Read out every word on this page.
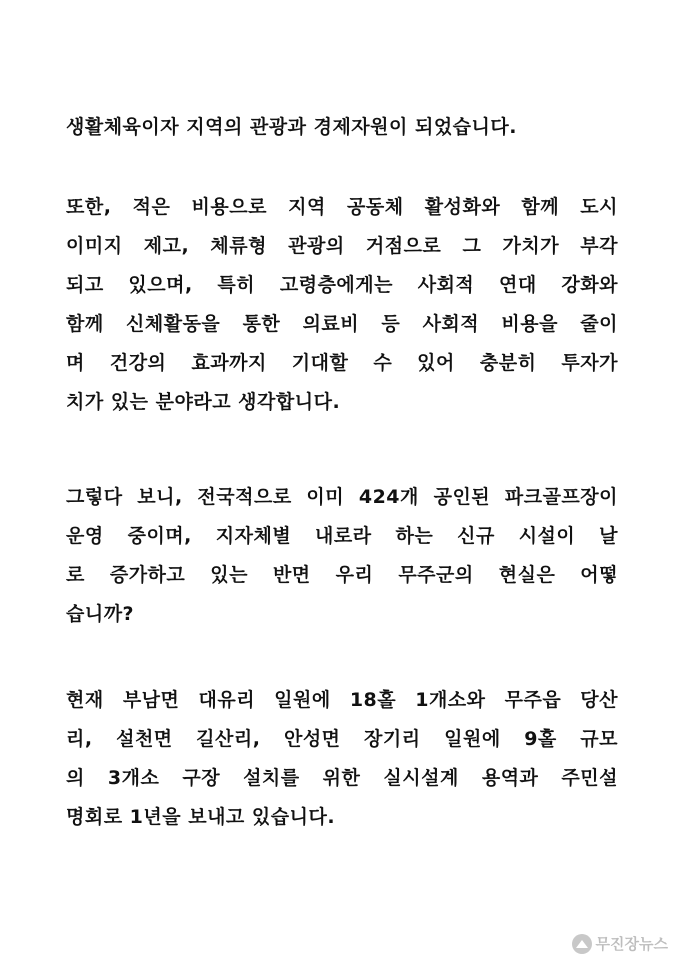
생활체육이자 지역의 관광과 경제자원이 되었습니다.
또한, 적은 비용으로 지역 공동체 활성화와 함께 도시
이미지 제고, 체류형 관광의 거점으로 그 가치가 부각
되고 있으며, 특히 고령층에게는 사회적 연대 강화와
함께 신체활동을 통한 의료비 등 사회적 비용을 줄이
며 건강의 효과까지 기대할 수 있어 충분히 투자가
치가 있는 분야라고 생각합니다.
그렇다 보니, 전국적으로 이미 424개 공인된 파크골프장이
운영 중이며, 지자체별 내로라 하는 신규 시설이 날
로 증가하고 있는 반면 우리 무주군의 현실은 어떻
습니까?
현재 부남면 대유리 일원에 18홀 1개소와 무주읍 당산
리, 설천면 길산리, 안성면 장기리 일원에 9홀 규모
의 3개소 구장 설치를 위한 실시설계 용역과 주민설
명회로 1년을 보내고 있습니다.
무진장뉴스
